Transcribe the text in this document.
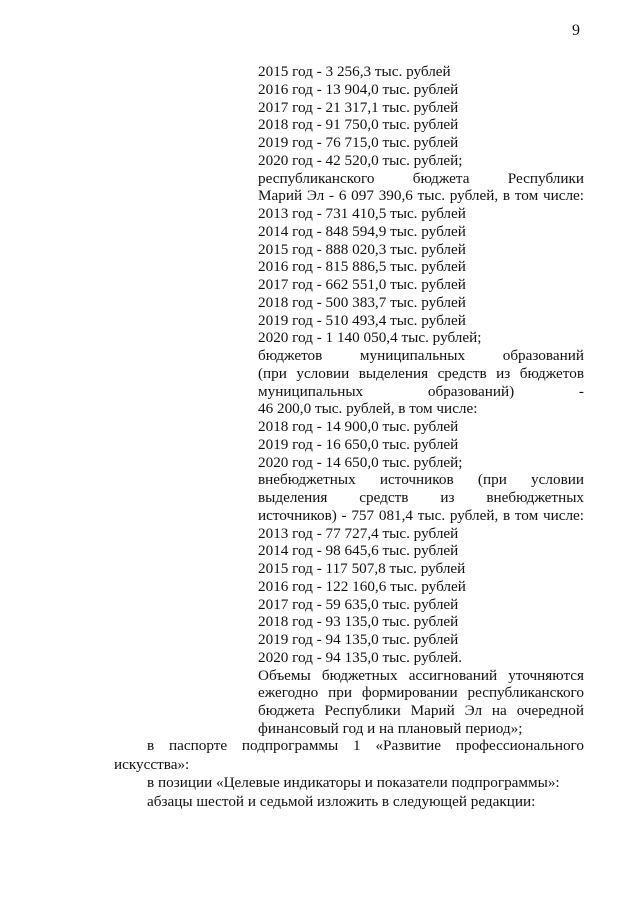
9
2015 год - 3 256,3 тыс. рублей
2016 год - 13 904,0 тыс. рублей
2017 год - 21 317,1 тыс. рублей
2018 год - 91 750,0 тыс. рублей
2019 год - 76 715,0 тыс. рублей
2020 год - 42 520,0 тыс. рублей;
республиканского бюджета Республики
Марий Эл - 6 097 390,6 тыс. рублей, в том числе:
2013 год - 731 410,5 тыс. рублей
2014 год - 848 594,9 тыс. рублей
2015 год - 888 020,3 тыс. рублей
2016 год - 815 886,5 тыс. рублей
2017 год - 662 551,0 тыс. рублей
2018 год - 500 383,7 тыс. рублей
2019 год - 510 493,4 тыс. рублей
2020 год - 1 140 050,4 тыс. рублей;
бюджетов муниципальных образований
(при условии выделения средств из бюджетов
муниципальных образований) -
46 200,0 тыс. рублей, в том числе:
2018 год - 14 900,0 тыс. рублей
2019 год - 16 650,0 тыс. рублей
2020 год - 14 650,0 тыс. рублей;
внебюджетных источников (при условии
выделения средств из внебюджетных
источников) - 757 081,4 тыс. рублей, в том числе:
2013 год - 77 727,4 тыс. рублей
2014 год - 98 645,6 тыс. рублей
2015 год - 117 507,8 тыс. рублей
2016 год - 122 160,6 тыс. рублей
2017 год - 59 635,0 тыс. рублей
2018 год - 93 135,0 тыс. рублей
2019 год - 94 135,0 тыс. рублей
2020 год - 94 135,0 тыс. рублей.
Объемы бюджетных ассигнований уточняются
ежегодно при формировании республиканского
бюджета Республики Марий Эл на очередной
финансовый год и на плановый период»;
в паспорте подпрограммы 1 «Развитие профессионального
искусства»:
в позиции «Целевые индикаторы и показатели подпрограммы»:
абзацы шестой и седьмой изложить в следующей редакции:
